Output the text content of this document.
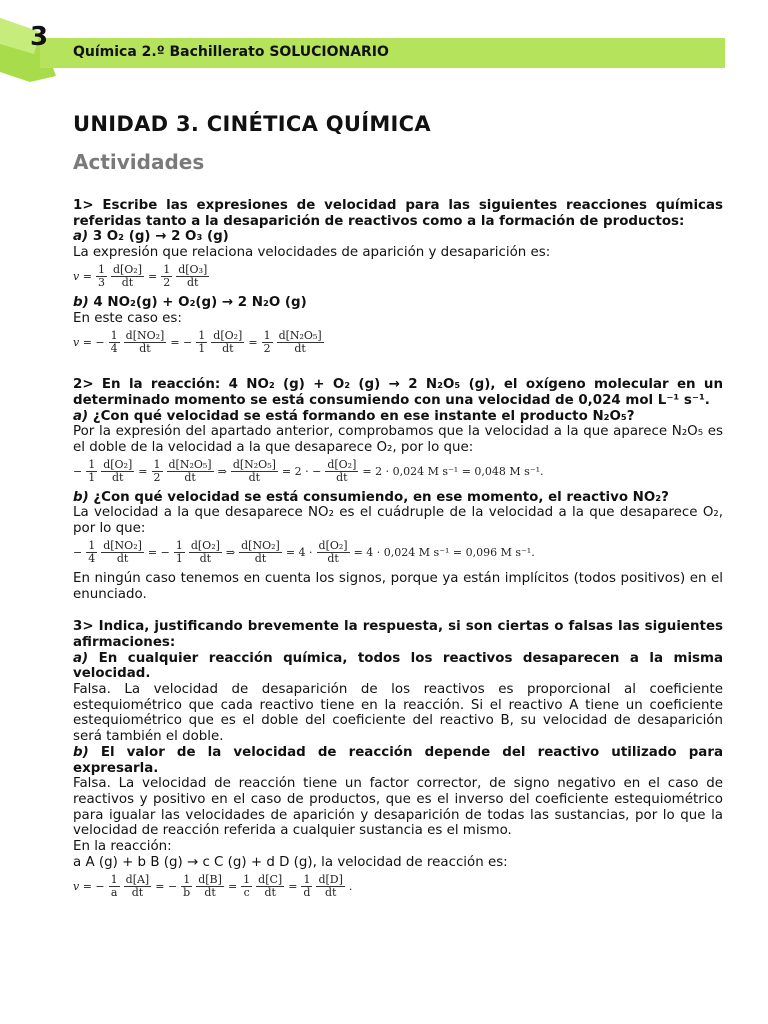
3 Química 2.º Bachillerato SOLUCIONARIO
UNIDAD 3. CINÉTICA QUÍMICA
Actividades

1> Escribe las expresiones de velocidad para las siguientes reacciones químicas referidas tanto a la desaparición de reactivos como a la formación de productos:

a) 3 O₂ (g) → 2 O₃ (g)

La expresión que relaciona velocidades de aparición y desaparición es:

$v = \frac{1}{3} \frac{\text{d[O₂]}}{dt} = \frac{1}{2} \frac{\text{d[O₃]}}{dt}$

b) 4 NO₂(g) + O₂(g) → 2 N₂O (g)

En este caso es:

v = − $\frac{1}{4} \frac{\text{d[NO₂]}}{dt}$ = − $\frac{1}{1} \frac{\text{d[O₂]}}{dt} = \frac{1}{2} \frac{\text{d[N₂O₅]}}{dt}$

2> En la reacción: 4 NO₂ (g) + O₂ (g) → 2 N₂O₅ (g), el oxígeno molecular en un determinado momento se está consumiendo con una velocidad de 0,024 mol L⁻¹ s⁻¹.

a) ¿Con qué velocidad se está formando en ese instante el producto N₂O₅?

Por la expresión del apartado anterior, comprobamos que la velocidad a la que aparece N₂O₅ es el doble de la velocidad a la que desaparece O₂, por lo que:

− $\frac{1}{1} \frac{\text{d[O₂]}}{dt} = \frac{1}{2} \frac{\text{d[N₂O₅]}}{dt}$ ⇒ $\frac{\text{d[N₂O₅]}}{dt} = 2$ · − $\frac{\text{d[O₂]}}{dt} = 2 \cdot 0,024$ M s⁻¹ = 0,048 M s⁻¹.

b) ¿Con qué velocidad se está consumiendo, en ese momento, el reactivo NO₂?

La velocidad a la que desaparece NO₂ es el cuádruple de la velocidad a la que desaparece O₂, por lo que:

− $\frac{1}{4} \frac{\text{d[NO₂]}}{dt}$ = − $\frac{1}{1} \frac{\text{d[O₂]}}{dt}$ ⇒ $\frac{\text{d[NO₂]}}{dt} = 4 \cdot \frac{\text{d[O₂]}}{dt} = 4 \cdot 0,024$ M s⁻¹ = 0,096 M s⁻¹.

En ningún caso tenemos en cuenta los signos, porque ya están implícitos (todos positivos) en el enunciado.

3> Indica, justificando brevemente la respuesta, si son ciertas o falsas las siguientes afirmaciones:

a) En cualquier reacción química, todos los reactivos desaparecen a la misma velocidad.

Falsa. La velocidad de desaparición de los reactivos es proporcional al coeficiente estequiométrico que cada reactivo tiene en la reacción. Si el reactivo A tiene un coeficiente estequiométrico que es el doble del coeficiente del reactivo B, su velocidad de desaparición será también el doble.

b) El valor de la velocidad de reacción depende del reactivo utilizado para expresarla.

Falsa. La velocidad de reacción tiene un factor corrector, de signo negativo en el caso de reactivos y positivo en el caso de productos, que es el inverso del coeficiente estequiométrico para igualar las velocidades de aparición y desaparición de todas las sustancias, por lo que la velocidad de reacción referida a cualquier sustancia es el mismo.

En la reacción:

a A (g) + b B (g) → c C (g) + d D (g), la velocidad de reacción es:

v = − $\frac{1}{a} \frac{d[A]}{dt}$ = − $\frac{1}{b} \frac{d[B]}{dt} = \frac{1}{c} \frac{d[C]}{dt} = \frac{1}{d} \frac{d[D]}{dt}$ .
